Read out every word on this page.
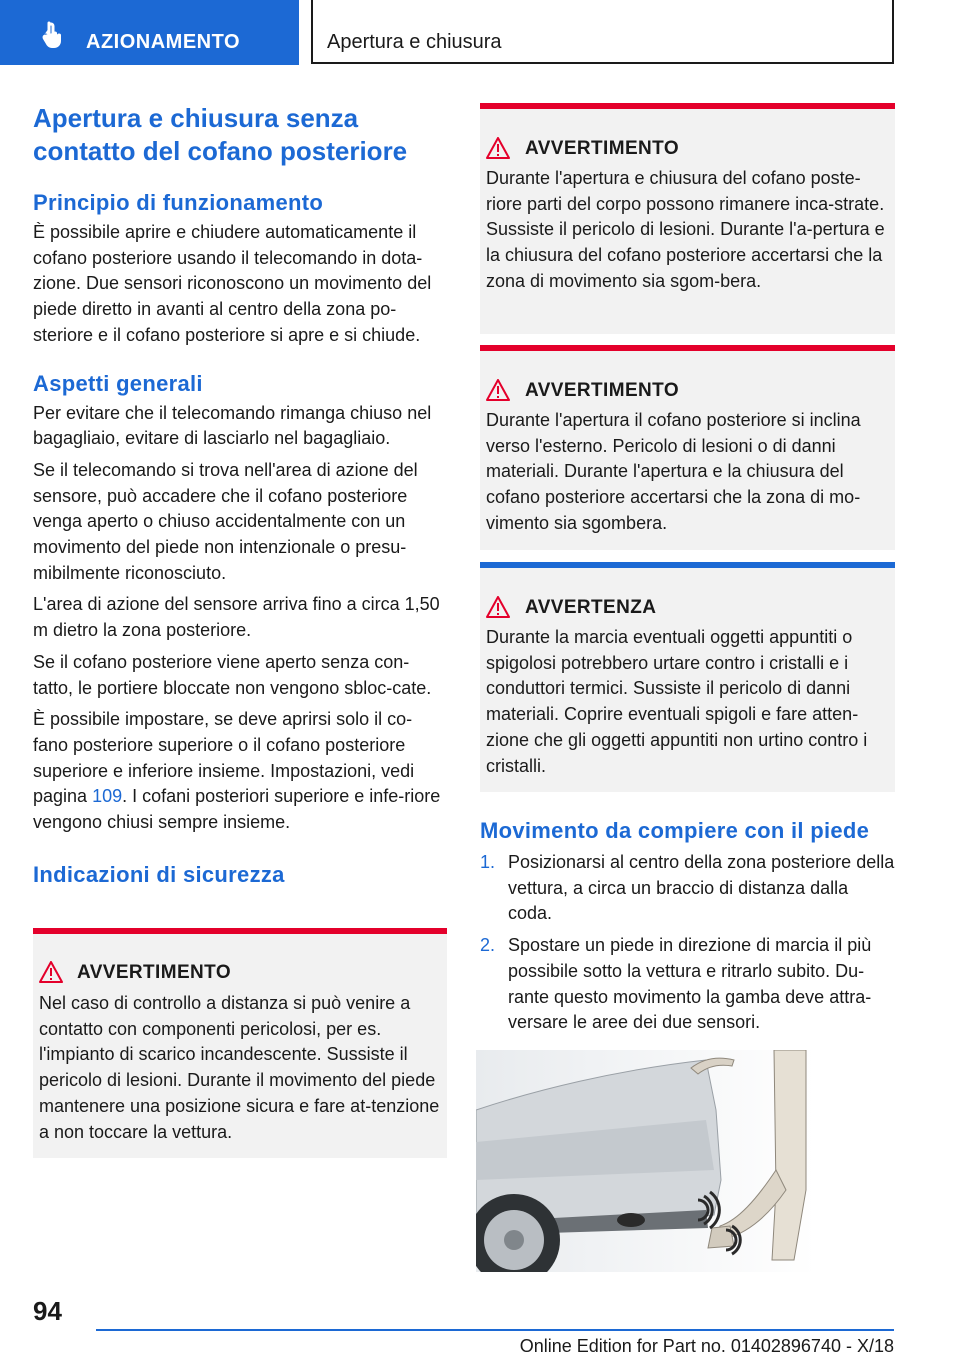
AZIONAMENTO	Apertura e chiusura
Apertura e chiusura senza
contatto del cofano posteriore
Principio di funzionamento

È possibile aprire e chiudere automaticamente il cofano posteriore usando il telecomando in dota-zione. Due sensori riconoscono un movimento del piede diretto in avanti al centro della zona po-steriore e il cofano posteriore si apre e si chiude.

Aspetti generali

Per evitare che il telecomando rimanga chiuso nel bagagliaio, evitare di lasciarlo nel bagagliaio.

Se il telecomando si trova nell'area di azione del sensore, può accadere che il cofano posteriore venga aperto o chiuso accidentalmente con un movimento del piede non intenzionale o presu-mibilmente riconosciuto.

L'area di azione del sensore arriva fino a circa 1,50 m dietro la zona posteriore.

Se il cofano posteriore viene aperto senza con-tatto, le portiere bloccate non vengono sbloc-cate.

È possibile impostare, se deve aprirsi solo il co-fano posteriore superiore o il cofano posteriore superiore e inferiore insieme. Impostazioni, vedi pagina 109. I cofani posteriori superiore e infe-riore vengono chiusi sempre insieme.

Indicazioni di sicurezza
AVVERTIMENTO

Nel caso di controllo a distanza si può venire a contatto con componenti pericolosi, per es. l'impianto di scarico incandescente. Sussiste il pericolo di lesioni. Durante il movimento del piede mantenere una posizione sicura e fare at-tenzione a non toccare la vettura.

AVVERTIMENTO

Durante l'apertura e chiusura del cofano poste-riore parti del corpo possono rimanere inca-strate. Sussiste il pericolo di lesioni. Durante l'a-pertura e la chiusura del cofano posteriore accertarsi che la zona di movimento sia sgom-bera.

AVVERTIMENTO

Durante l'apertura il cofano posteriore si inclina verso l'esterno. Pericolo di lesioni o di danni materiali. Durante l'apertura e la chiusura del cofano posteriore accertarsi che la zona di mo-vimento sia sgombera.

AVVERTENZA

Durante la marcia eventuali oggetti appuntiti o spigolosi potrebbero urtare contro i cristalli e i conduttori termici. Sussiste il pericolo di danni materiali. Coprire eventuali spigoli e fare atten-zione che gli oggetti appuntiti non urtino contro i cristalli.

Movimento da compiere con il piede
1. Posizionarsi al centro della zona posteriore della vettura, a circa un braccio di distanza dalla coda.
2. Spostare un piede in direzione di marcia il più possibile sotto la vettura e ritrarlo subito. Du-rante questo movimento la gamba deve attra-versare le aree dei due sensori.
94
Online Edition for Part no. 01402896740 - X/18
